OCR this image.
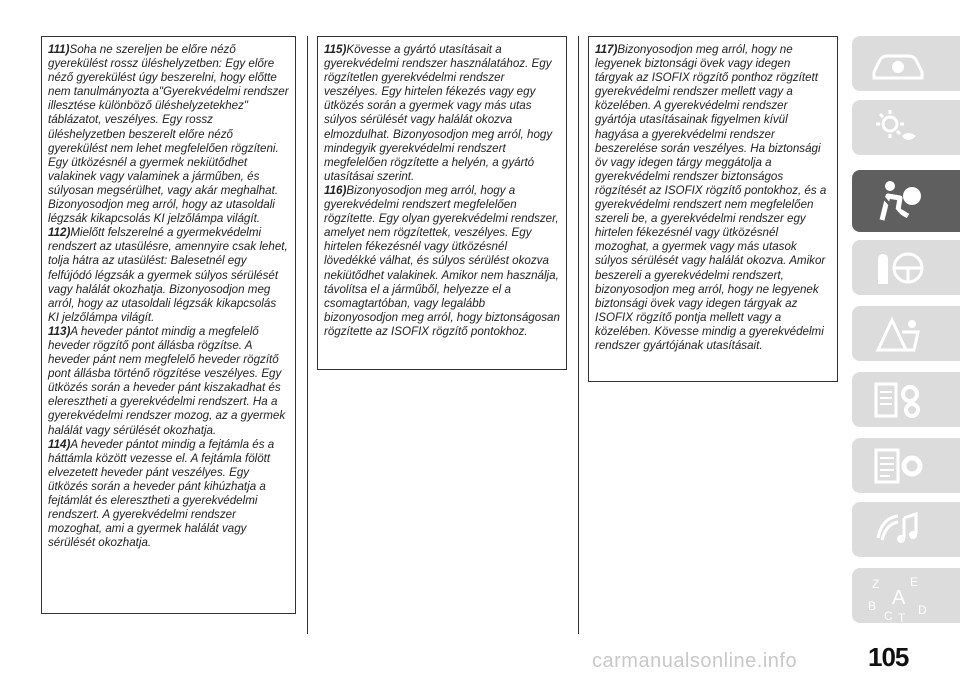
111)Soha ne szereljen be előre néző gyerekülést rossz üléshelyzetben: Egy előre néző gyerekülést úgy beszerelni, hogy előtte nem tanulmányozta a"Gyerekvédelmi rendszer illesztése különböző üléshelyzetekhez" táblázatot, veszélyes. Egy rossz üléshelyzetben beszerelt előre néző gyerekülést nem lehet megfelelően rögzíteni. Egy ütközésnél a gyermek nekiütődhet valakinek vagy valaminek a járműben, és súlyosan megsérülhet, vagy akár meghalhat. Bizonyosodjon meg arról, hogy az utasoldali légzsák kikapcsolás KI jelzőlámpa világít.

112)Mielőtt felszerelné a gyermekvédelmi rendszert az utasülésre, amennyire csak lehet, tolja hátra az utasülést: Balesetnél egy felfújódó légzsák a gyermek súlyos sérülését vagy halálát okozhatja. Bizonyosodjon meg arról, hogy az utasoldali légzsák kikapcsolás KI jelzőlámpa világít.

113)A heveder pántot mindig a megfelelő heveder rögzítő pont állásba rögzítse. A heveder pánt nem megfelelő heveder rögzítő pont állásba történő rögzítése veszélyes. Egy ütközés során a heveder pánt kiszakadhat és eleresztheti a gyerekvédelmi rendszert. Ha a gyerekvédelmi rendszer mozog, az a gyermek halálát vagy sérülését okozhatja.

114)A heveder pántot mindig a fejtámla és a háttámla között vezesse el. A fejtámla fölött elvezetett heveder pánt veszélyes. Egy ütközés során a heveder pánt kihúzhatja a fejtámlát és eleresztheti a gyerekvédelmi rendszert. A gyerekvédelmi rendszer mozoghat, ami a gyermek halálát vagy sérülését okozhatja.

115)Kövesse a gyártó utasításait a gyerekvédelmi rendszer használatához. Egy rögzítetlen gyerekvédelmi rendszer veszélyes. Egy hirtelen fékezés vagy egy ütközés során a gyermek vagy más utas súlyos sérülését vagy halálát okozva elmozdulhat. Bizonyosodjon meg arról, hogy mindegyik gyerekvédelmi rendszert megfelelően rögzítette a helyén, a gyártó utasításai szerint.

116)Bizonyosodjon meg arról, hogy a gyerekvédelmi rendszert megfelelően rögzítette. Egy olyan gyerekvédelmi rendszer, amelyet nem rögzítettek, veszélyes. Egy hirtelen fékezésnél vagy ütközésnél lövedékké válhat, és súlyos sérülést okozva nekiütődhet valakinek. Amikor nem használja, távolítsa el a járműből, helyezze el a csomagtartóban, vagy legalább bizonyosodjon meg arról, hogy biztonságosan rögzítette az ISOFIX rögzítő pontokhoz.

117)Bizonyosodjon meg arról, hogy ne legyenek biztonsági övek vagy idegen tárgyak az ISOFIX rögzítő ponthoz rögzített gyerekvédelmi rendszer mellett vagy a közelében. A gyerekvédelmi rendszer gyártója utasításainak figyelmen kívül hagyása a gyerekvédelmi rendszer beszerelése során veszélyes. Ha biztonsági öv vagy idegen tárgy meggátolja a gyerekvédelmi rendszer biztonságos rögzítését az ISOFIX rögzítő pontokhoz, és a gyerekvédelmi rendszert nem megfelelően szereli be, a gyerekvédelmi rendszer egy hirtelen fékezésnél vagy ütközésnél mozoghat, a gyermek vagy más utasok súlyos sérülését vagy halálát okozva. Amikor beszereli a gyerekvédelmi rendszert, bizonyosodjon meg arról, hogy ne legyenek biztonsági övek vagy idegen tárgyak az ISOFIX rögzítő pontja mellett vagy a közelében. Kövesse mindig a gyerekvédelmi rendszer gyártójának utasításait.

Z	E
A
B
C T
D
carmanualsonline.info	105
